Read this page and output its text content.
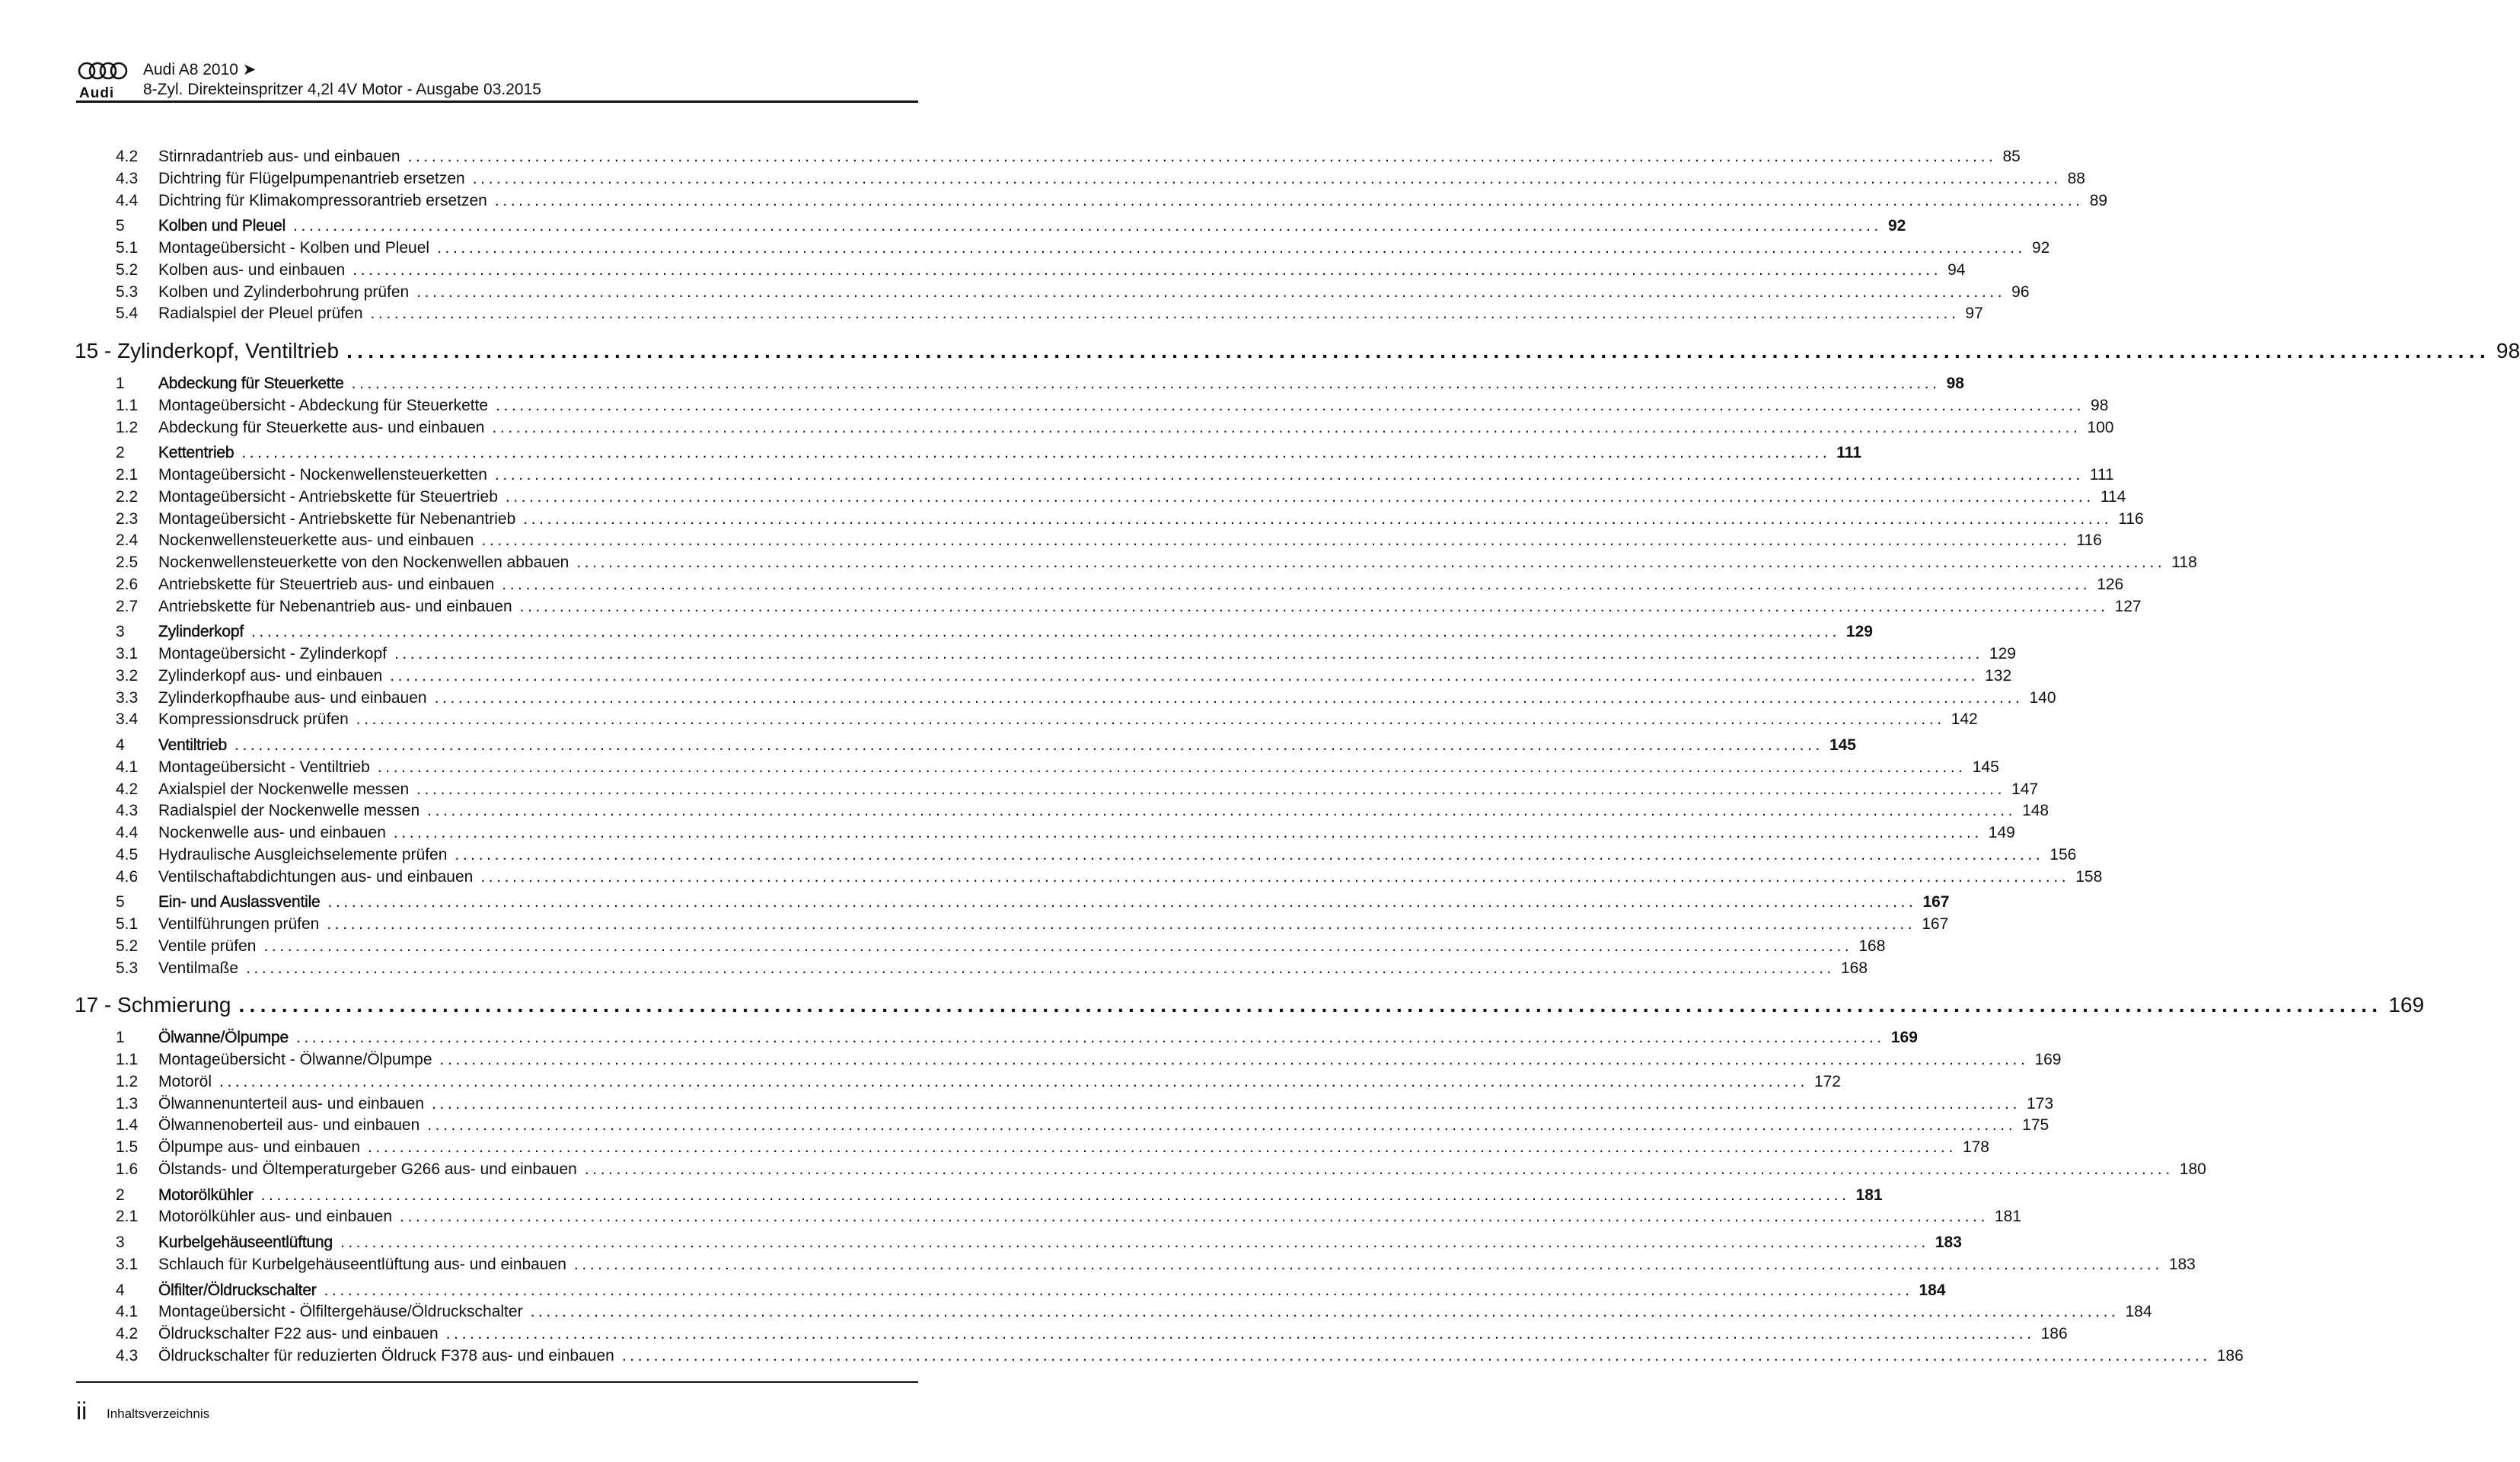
Audi
Audi A8 2010 ➤
8-Zyl. Direkteinspritzer 4,2l 4V Motor - Ausgabe 03.2015
4.2	Stirnradantrieb aus- und einbauen ........................................................................................................................................................................................................ 85
4.3	Dichtring für Flügelpumpenantrieb ersetzen ........................................................................................................................................................................................................ 88
4.4	Dichtring für Klimakompressorantrieb ersetzen ........................................................................................................................................................................................................ 89
5	Kolben und Pleuel ........................................................................................................................................................................................................ 92
5.1	Montageübersicht - Kolben und Pleuel ........................................................................................................................................................................................................ 92
5.2	Kolben aus- und einbauen ........................................................................................................................................................................................................ 94
5.3	Kolben und Zylinderbohrung prüfen ........................................................................................................................................................................................................ 96
5.4	Radialspiel der Pleuel prüfen ........................................................................................................................................................................................................ 97
15 - Zylinderkopf, Ventiltrieb ........................................................................................................................................................................................................ 98
1	Abdeckung für Steuerkette ........................................................................................................................................................................................................ 98
1.1	Montageübersicht - Abdeckung für Steuerkette ........................................................................................................................................................................................................ 98
1.2	Abdeckung für Steuerkette aus- und einbauen ........................................................................................................................................................................................................ 100
2	Kettentrieb ........................................................................................................................................................................................................ 111
2.1	Montageübersicht - Nockenwellensteuerketten ........................................................................................................................................................................................................ 111
2.2	Montageübersicht - Antriebskette für Steuertrieb ........................................................................................................................................................................................................ 114
2.3	Montageübersicht - Antriebskette für Nebenantrieb ........................................................................................................................................................................................................ 116
2.4	Nockenwellensteuerkette aus- und einbauen ........................................................................................................................................................................................................ 116
2.5	Nockenwellensteuerkette von den Nockenwellen abbauen ........................................................................................................................................................................................................ 118
2.6	Antriebskette für Steuertrieb aus- und einbauen ........................................................................................................................................................................................................ 126
2.7	Antriebskette für Nebenantrieb aus- und einbauen ........................................................................................................................................................................................................ 127
3	Zylinderkopf ........................................................................................................................................................................................................ 129
3.1	Montageübersicht - Zylinderkopf ........................................................................................................................................................................................................ 129
3.2	Zylinderkopf aus- und einbauen ........................................................................................................................................................................................................ 132
3.3	Zylinderkopfhaube aus- und einbauen ........................................................................................................................................................................................................ 140
3.4	Kompressionsdruck prüfen ........................................................................................................................................................................................................ 142
4	Ventiltrieb ........................................................................................................................................................................................................ 145
4.1	Montageübersicht - Ventiltrieb ........................................................................................................................................................................................................ 145
4.2	Axialspiel der Nockenwelle messen ........................................................................................................................................................................................................ 147
4.3	Radialspiel der Nockenwelle messen ........................................................................................................................................................................................................ 148
4.4	Nockenwelle aus- und einbauen ........................................................................................................................................................................................................ 149
4.5	Hydraulische Ausgleichselemente prüfen ........................................................................................................................................................................................................ 156
4.6	Ventilschaftabdichtungen aus- und einbauen ........................................................................................................................................................................................................ 158
5	Ein- und Auslassventile ........................................................................................................................................................................................................ 167
5.1	Ventilführungen prüfen ........................................................................................................................................................................................................ 167
5.2	Ventile prüfen ........................................................................................................................................................................................................ 168
5.3	Ventilmaße ........................................................................................................................................................................................................ 168
17 - Schmierung ........................................................................................................................................................................................................ 169
1	Ölwanne/Ölpumpe ........................................................................................................................................................................................................ 169
1.1	Montageübersicht - Ölwanne/Ölpumpe ........................................................................................................................................................................................................ 169
1.2	Motoröl ........................................................................................................................................................................................................ 172
1.3	Ölwannenunterteil aus- und einbauen ........................................................................................................................................................................................................ 173
1.4	Ölwannenoberteil aus- und einbauen ........................................................................................................................................................................................................ 175
1.5	Ölpumpe aus- und einbauen ........................................................................................................................................................................................................ 178
1.6	Ölstands- und Öltemperaturgeber G266 aus- und einbauen ........................................................................................................................................................................................................ 180
2	Motorölkühler ........................................................................................................................................................................................................ 181
2.1	Motorölkühler aus- und einbauen ........................................................................................................................................................................................................ 181
3	Kurbelgehäuseentlüftung ........................................................................................................................................................................................................ 183
3.1	Schlauch für Kurbelgehäuseentlüftung aus- und einbauen ........................................................................................................................................................................................................ 183
4	Ölfilter/Öldruckschalter ........................................................................................................................................................................................................ 184
4.1	Montageübersicht - Ölfiltergehäuse/Öldruckschalter ........................................................................................................................................................................................................ 184
4.2	Öldruckschalter F22 aus- und einbauen ........................................................................................................................................................................................................ 186
4.3	Öldruckschalter für reduzierten Öldruck F378 aus- und einbauen ........................................................................................................................................................................................................ 186
ii Inhaltsverzeichnis
